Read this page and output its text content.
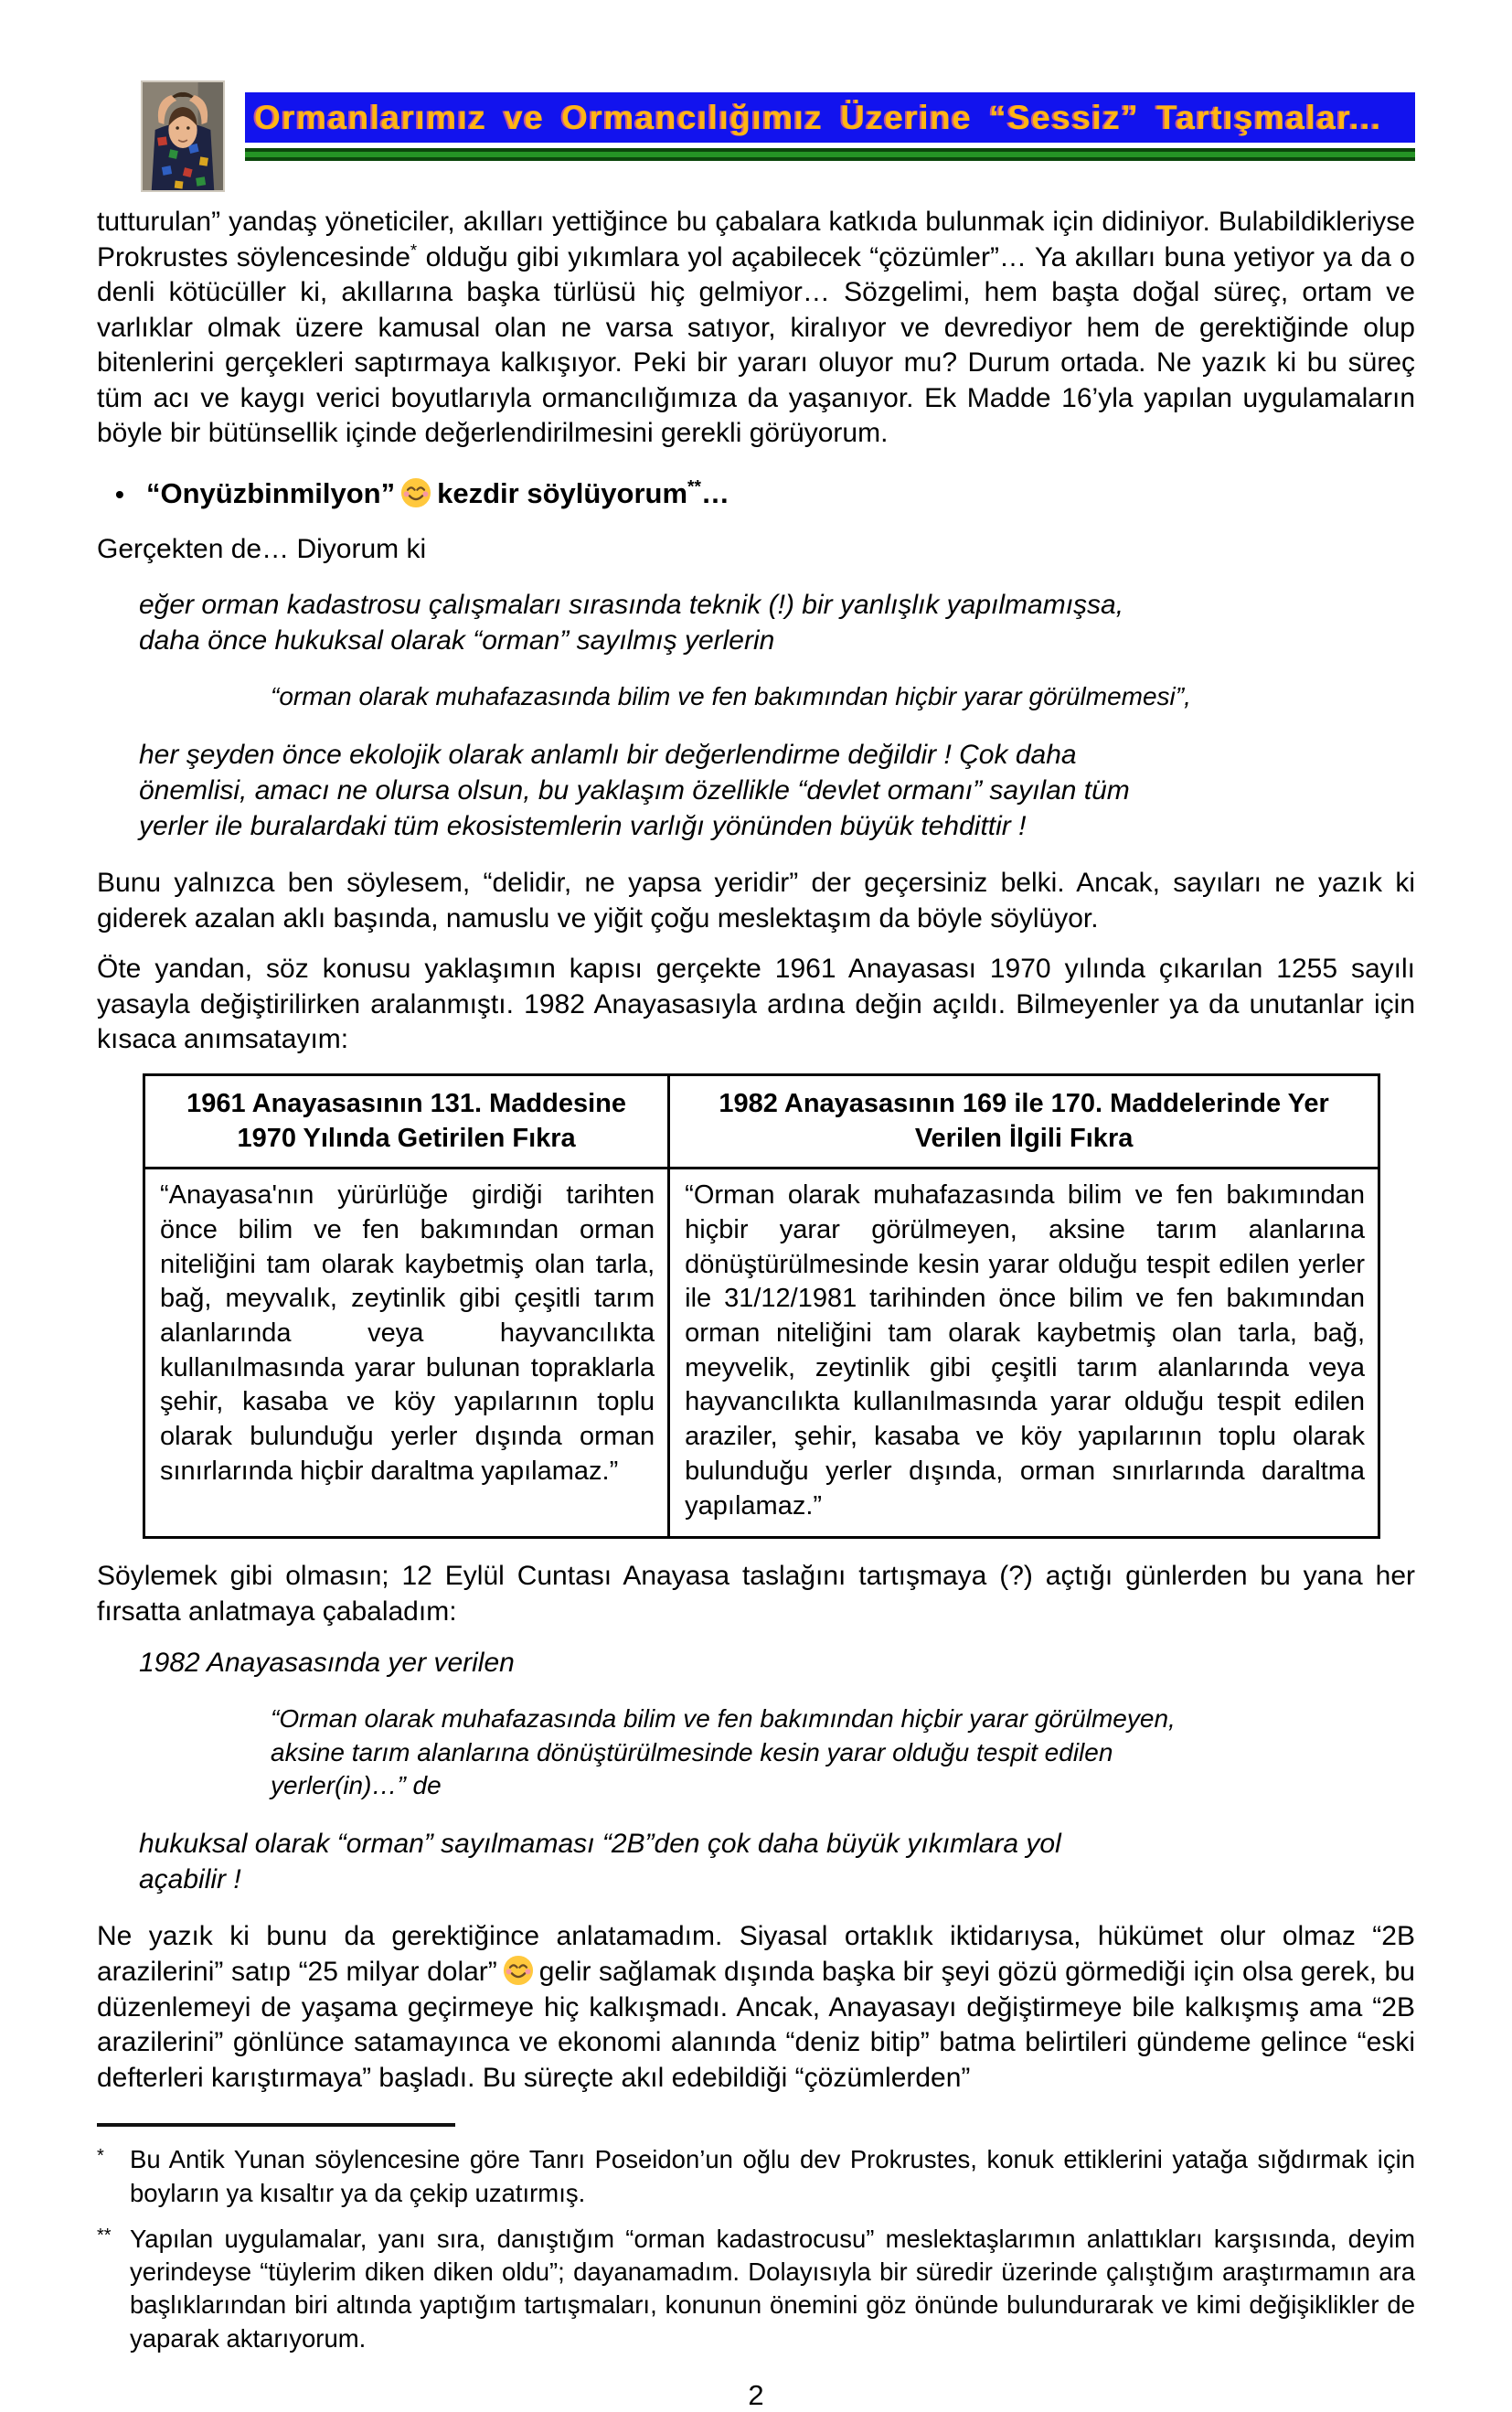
Ormanlarımız ve Ormancılığımız Üzerine “Sessiz” Tartışmalar...

tutturulan” yandaş yöneticiler, akılları yettiğince bu çabalara katkıda bulunmak için didiniyor. Bulabildikleriyse Prokrustes söylencesinde* olduğu gibi yıkımlara yol açabilecek “çözümler”… Ya akılları buna yetiyor ya da o denli kötücüller ki, akıllarına başka türlüsü hiç gelmiyor… Sözgelimi, hem başta doğal süreç, ortam ve varlıklar olmak üzere kamusal olan ne varsa satıyor, kiralıyor ve devrediyor hem de gerektiğinde olup bitenlerini gerçekleri saptırmaya kalkışıyor. Peki bir yararı oluyor mu? Durum ortada. Ne yazık ki bu süreç tüm acı ve kaygı verici boyutlarıyla ormancılığımıza da yaşanıyor. Ek Madde 16’yla yapılan uygulamaların böyle bir bütünsellik içinde değerlendirilmesini gerekli görüyorum.

• “Onyüzbinmilyon” kezdir söylüyorum**…
Gerçekten de… Diyorum ki
eğer orman kadastrosu çalışmaları sırasında teknik (!) bir yanlışlık yapılmamışsa, daha önce hukuksal olarak “orman” sayılmış yerlerin
“orman olarak muhafazasında bilim ve fen bakımından hiçbir yarar görülmemesi”,
her şeyden önce ekolojik olarak anlamlı bir değerlendirme değildir ! Çok daha önemlisi, amacı ne olursa olsun, bu yaklaşım özellikle “devlet ormanı” sayılan tüm yerler ile buralardaki tüm ekosistemlerin varlığı yönünden büyük tehdittir !

Bunu yalnızca ben söylesem, “delidir, ne yapsa yeridir” der geçersiniz belki. Ancak, sayıları ne yazık ki giderek azalan aklı başında, namuslu ve yiğit çoğu meslektaşım da böyle söylüyor.

Öte yandan, söz konusu yaklaşımın kapısı gerçekte 1961 Anayasası 1970 yılında çıkarılan 1255 sayılı yasayla değiştirilirken aralanmıştı. 1982 Anayasasıyla ardına değin açıldı. Bilmeyenler ya da unutanlar için kısaca anımsatayım:

1961 Anayasasının 131. Maddesine 1970 Yılında Getirilen Fıkra	1982 Anayasasının 169 ile 170. Maddelerinde Yer Verilen İlgili Fıkra
“Anayasa'nın yürürlüğe girdiği tarihten önce bilim ve fen bakımından orman niteliğini tam olarak kaybetmiş olan tarla, bağ, meyvalık, zeytinlik gibi çeşitli tarım alanlarında veya hayvancılıkta kullanılmasında yarar bulunan topraklarla şehir, kasaba ve köy yapılarının toplu olarak bulunduğu yerler dışında orman sınırlarında hiçbir daraltma yapılamaz.”	“Orman olarak muhafazasında bilim ve fen bakımından hiçbir yarar görülmeyen, aksine tarım alanlarına dönüştürülmesinde kesin yarar olduğu tespit edilen yerler ile 31/12/1981 tarihinden önce bilim ve fen bakımından orman niteliğini tam olarak kaybetmiş olan tarla, bağ, meyvelik, zeytinlik gibi çeşitli tarım alanlarında veya hayvancılıkta kullanılmasında yarar olduğu tespit edilen araziler, şehir, kasaba ve köy yapılarının toplu olarak bulunduğu yerler dışında, orman sınırlarında daraltma yapılamaz.”

Söylemek gibi olmasın; 12 Eylül Cuntası Anayasa taslağını tartışmaya (?) açtığı günlerden bu yana her fırsatta anlatmaya çabaladım:

1982 Anayasasında yer verilen
“Orman olarak muhafazasında bilim ve fen bakımından hiçbir yarar görülmeyen, aksine tarım alanlarına dönüştürülmesinde kesin yarar olduğu tespit edilen yerler(in)…” de
hukuksal olarak “orman” sayılmaması “2B”den çok daha büyük yıkımlara yol açabilir !

Ne yazık ki bunu da gerektiğince anlatamadım. Siyasal ortaklık iktidarıysa, hükümet olur olmaz “2B arazilerini” satıp “25 milyar dolar” gelir sağlamak dışında başka bir şeyi gözü görmediği için olsa gerek, bu düzenlemeyi de yaşama geçirmeye hiç kalkışmadı. Ancak, Anayasayı değiştirmeye bile kalkışmış ama “2B arazilerini” gönlünce satamayınca ve ekonomi alanında “deniz bitip” batma belirtileri gündeme gelince “eski defterleri karıştırmaya” başladı. Bu süreçte akıl edebildiği “çözümlerden”

*	Bu Antik Yunan söylencesine göre Tanrı Poseidon’un oğlu dev Prokrustes, konuk ettiklerini yatağa sığdırmak için boyların ya kısaltır ya da çekip uzatırmış.
** Yapılan uygulamalar, yanı sıra, danıştığım “orman kadastrocusu” meslektaşlarımın anlattıkları karşısında, deyim yerindeyse “tüylerim diken diken oldu”; dayanamadım. Dolayısıyla bir süredir üzerinde çalıştığım araştırmamın ara başlıklarından biri altında yaptığım tartışmaları, konunun önemini göz önünde bulundurarak ve kimi değişiklikler de yaparak aktarıyorum.
2
